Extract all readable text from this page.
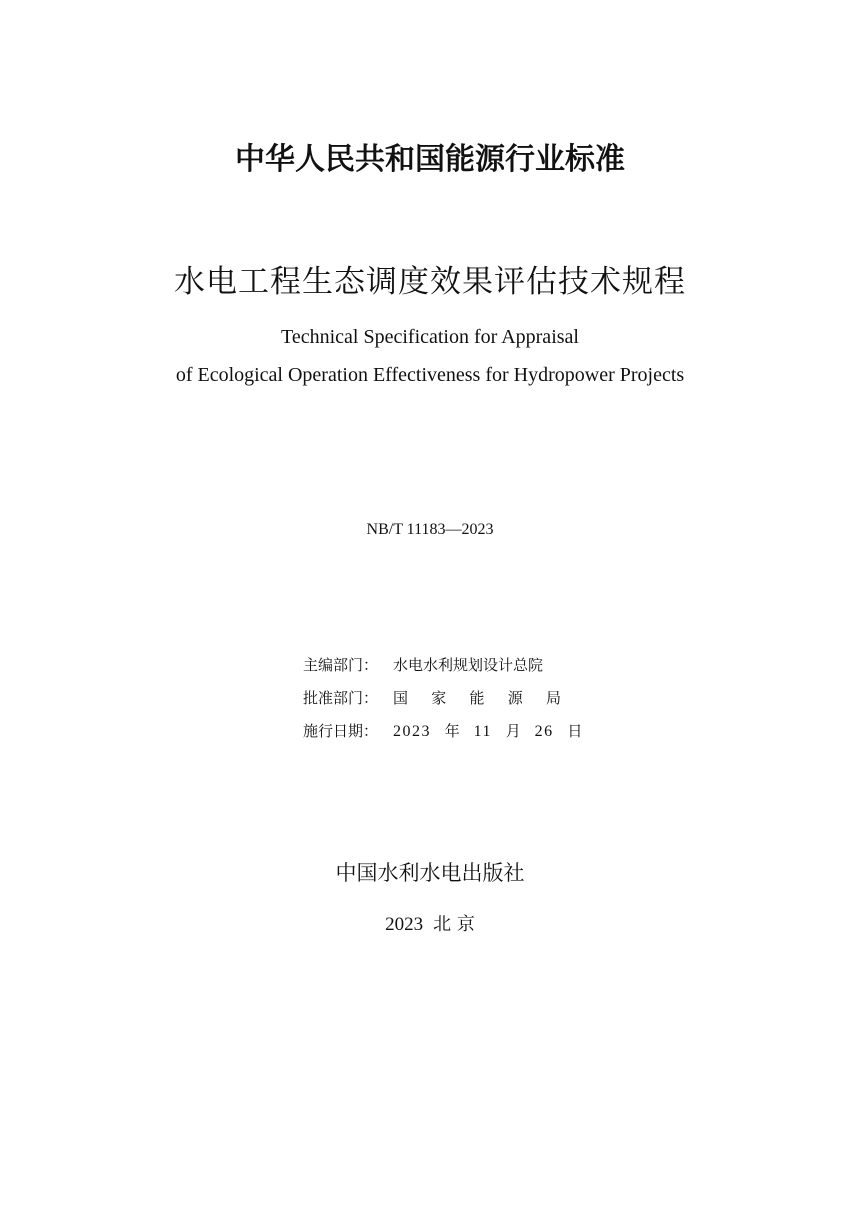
中华人民共和国能源行业标准
水电工程生态调度效果评估技术规程
Technical Specification for Appraisal
of Ecological Operation Effectiveness for Hydropower Projects
NB/T 11183—2023
主编部门： 水电水利规划设计总院
批准部门： 国 家 能 源 局
施行日期： 2023 年 11 月 26 日
中国水利水电出版社
2023 北 京
